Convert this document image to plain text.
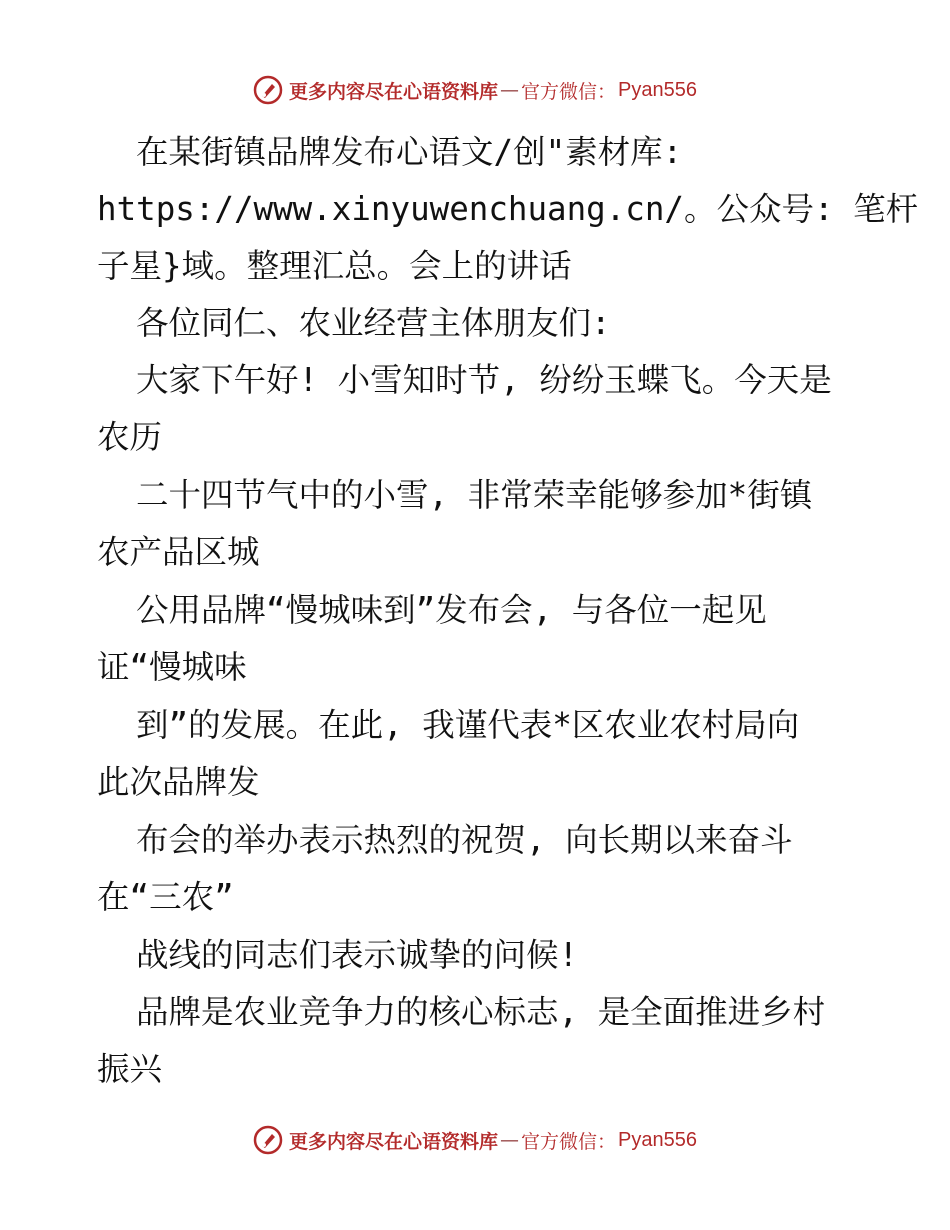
更多内容尽在心语资料库 — 官方微信： Pyan556
在某街镇品牌发布心语文/创"素材库:
https://www.xinyuwenchuang.cn/。公众号: 笔杆
子星}域。整理汇总。会上的讲话
各位同仁、农业经营主体朋友们:
大家下午好! 小雪知时节, 纷纷玉蝶飞。今天是
农历
二十四节气中的小雪, 非常荣幸能够参加*街镇
农产品区城
公用品牌“慢城味到”发布会, 与各位一起见
证“慢城味
到”的发展。在此, 我谨代表*区农业农村局向
此次品牌发
布会的举办表示热烈的祝贺, 向长期以来奋斗
在“三农”
战线的同志们表示诚挚的问候!
品牌是农业竞争力的核心标志, 是全面推进乡村
振兴
更多内容尽在心语资料库 — 官方微信： Pyan556
